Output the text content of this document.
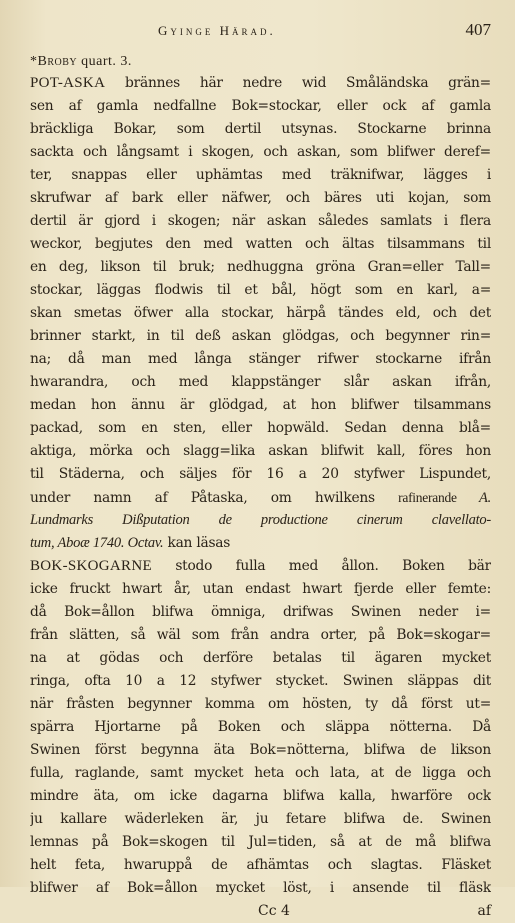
Gyinge Härad.	407
*Broby quart. 3.
POT-ASKA brännes här nedre wid Småländska grän=
sen af gamla nedfallne Bok=stockar, eller ock af gamla
bräckliga Bokar, som dertil utsynas. Stockarne brinna
sackta och långsamt i skogen, och askan, som blifwer deref=
ter, snappas eller uphämtas med träknifwar, lägges i
skrufwar af bark eller näfwer, och bäres uti kojan, som
dertil är gjord i skogen; när askan således samlats i flera
weckor, begjutes den med watten och ältas tilsammans til
en deg, likson til bruk; nedhuggna gröna Gran=eller Tall=
stockar, läggas flodwis til et bål, högt som en karl, a=
skan smetas öfwer alla stockar, härpå tändes eld, och det
brinner starkt, in til deß askan glödgas, och begynner rin=
na; då man med långa stänger rifwer stockarne ifrån
hwarandra, och med klappstänger slår askan ifrån,
medan hon ännu är glödgad, at hon blifwer tilsammans
packad, som en sten, eller hopwäld. Sedan denna blå=
aktiga, mörka och slagg=lika askan blifwit kall, föres hon
til Städerna, och säljes för 16 a 20 styfwer Lispundet,
under namn af Påtaska, om hwilkens rafinerande A.
Lundmarks Dißputation de productione cinerum clavellato-
tum, Aboæ 1740. Octav. kan läsas
BOK-SKOGARNE stodo fulla med ållon. Boken bär
icke fruckt hwart år, utan endast hwart fjerde eller femte:
då Bok=ållon blifwa ömniga, drifwas Swinen neder i=
från slätten, så wäl som från andra orter, på Bok=skogar=
na at gödas och derföre betalas til ägaren mycket
ringa, ofta 10 a 12 styfwer stycket. Swinen släppas dit
när fråsten begynner komma om hösten, ty då först ut=
spärra Hjortarne på Boken och släppa nötterna. Då
Swinen först begynna äta Bok=nötterna, blifwa de likson
fulla, raglande, samt mycket heta och lata, at de ligga och
mindre äta, om icke dagarna blifwa kalla, hwarföre ock
ju kallare wäderleken är, ju fetare blifwa de. Swinen
lemnas på Bok=skogen til Jul=tiden, så at de må blifwa
helt feta, hwaruppå de afhämtas och slagtas. Fläsket
blifwer af Bok=ållon mycket löst, i ansende til fläsk
Cc 4	af
